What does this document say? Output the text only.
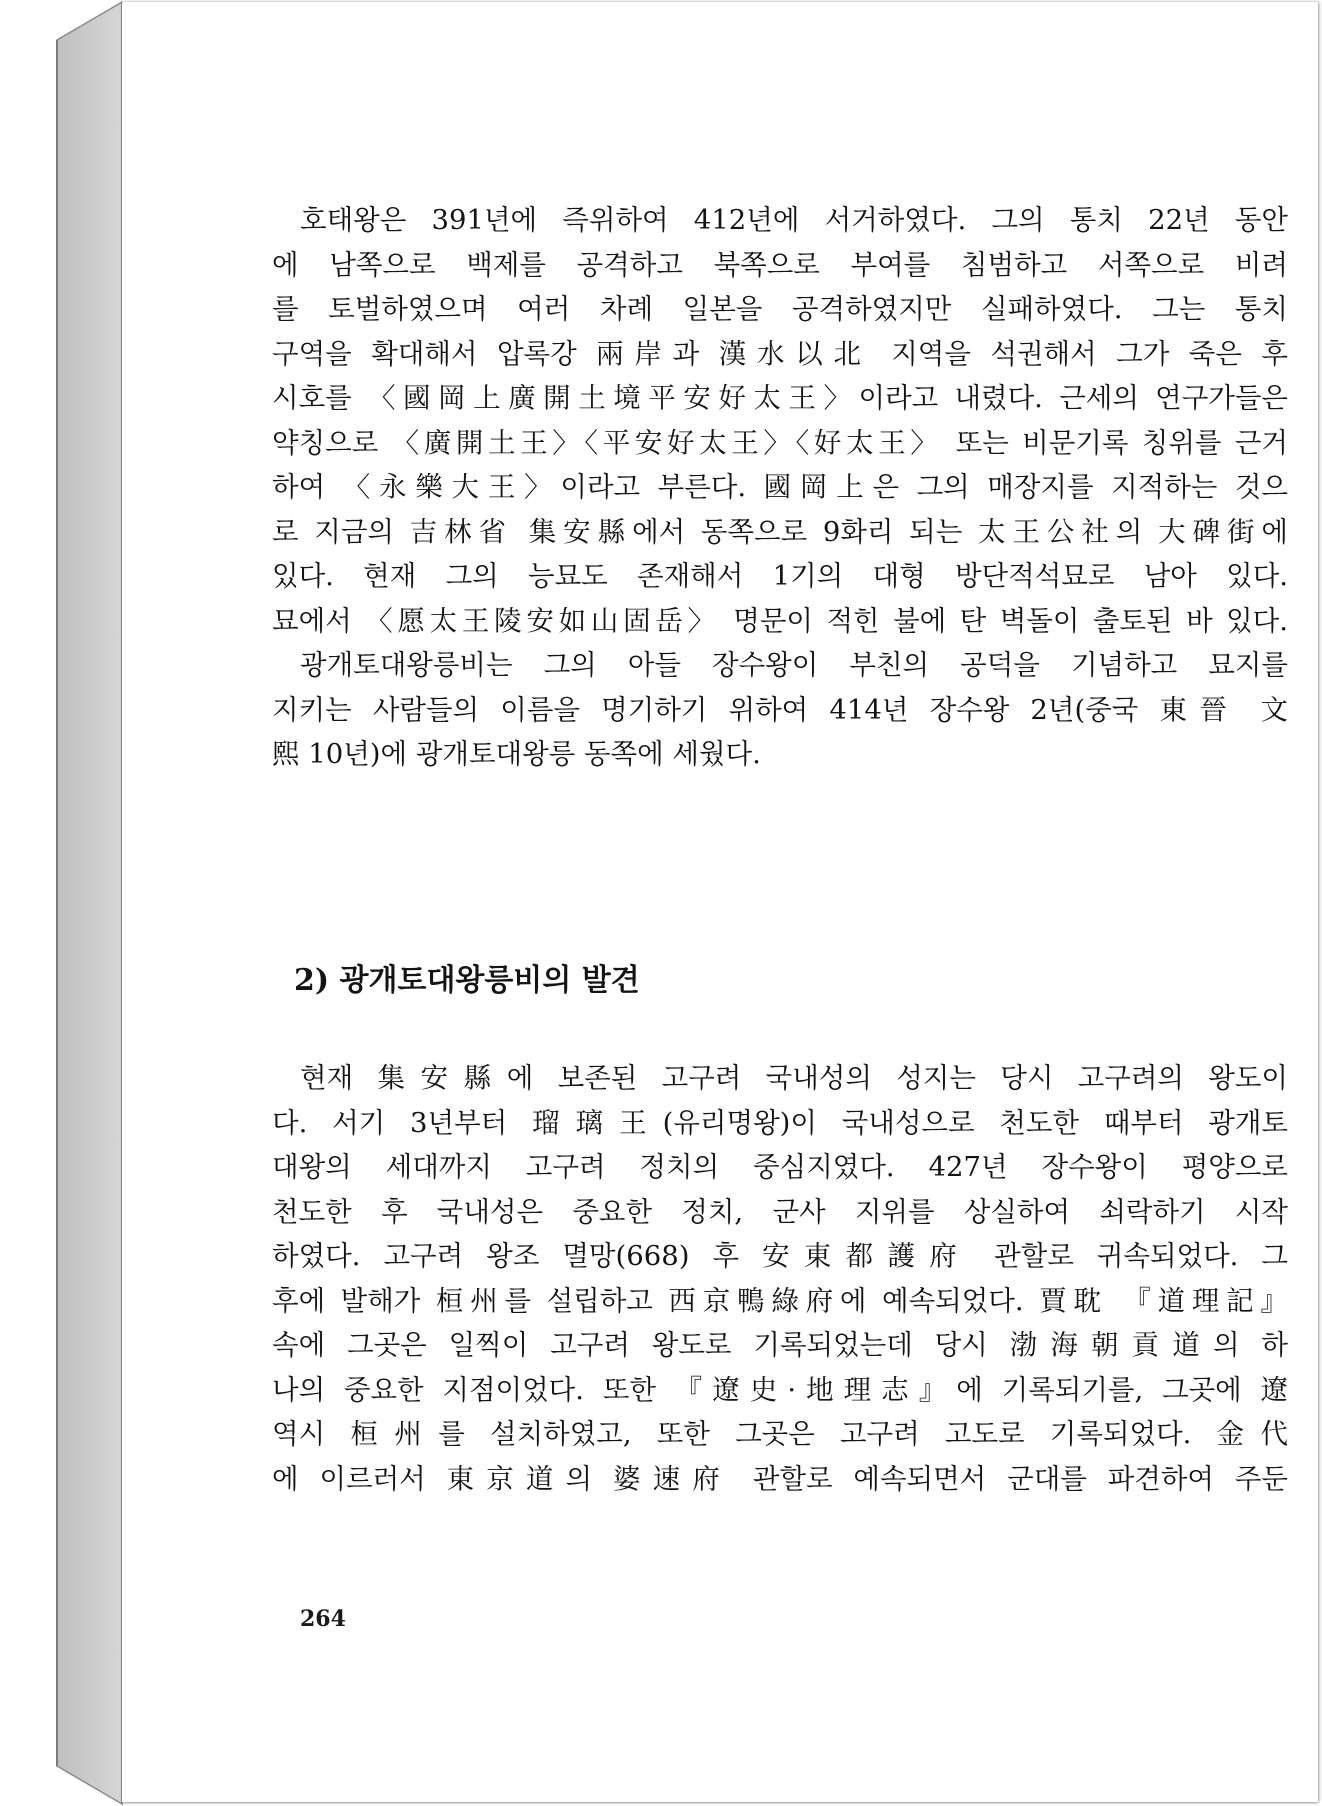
호태왕은 391년에 즉위하여 412년에 서거하였다. 그의 통치 22년 동안
에 남쪽으로 백제를 공격하고 북쪽으로 부여를 침범하고 서쪽으로 비려
를 토벌하였으며 여러 차례 일본을 공격하였지만 실패하였다. 그는 통치
구역을 확대해서 압록강 兩岸과 漢水以北 지역을 석권해서 그가 죽은 후
시호를 〈國岡上廣開土境平安好太王〉이라고 내렸다. 근세의 연구가들은
약칭으로 〈廣開土王〉〈平安好太王〉〈好太王〉 또는 비문기록 칭위를 근거
하여 〈永樂大王〉이라고 부른다. 國岡上은 그의 매장지를 지적하는 것으
로 지금의 吉林省 集安縣에서 동쪽으로 9화리 되는 太王公社의 大碑街에
있다. 현재 그의 능묘도 존재해서 1기의 대형 방단적석묘로 남아 있다.
묘에서 〈愿太王陵安如山固岳〉 명문이 적힌 불에 탄 벽돌이 출토된 바 있다.

광개토대왕릉비는 그의 아들 장수왕이 부친의 공덕을 기념하고 묘지를
지키는 사람들의 이름을 명기하기 위하여 414년 장수왕 2년(중국 東晉 文
熙 10년)에 광개토대왕릉 동쪽에 세웠다.

2) 광개토대왕릉비의 발견

현재 集安縣에 보존된 고구려 국내성의 성지는 당시 고구려의 왕도이
다. 서기 3년부터 瑠璃王(유리명왕)이 국내성으로 천도한 때부터 광개토
대왕의 세대까지 고구려 정치의 중심지였다. 427년 장수왕이 평양으로
천도한 후 국내성은 중요한 정치, 군사 지위를 상실하여 쇠락하기 시작
하였다. 고구려 왕조 멸망(668) 후 安東都護府 관할로 귀속되었다. 그
후에 발해가 桓州를 설립하고 西京鴨綠府에 예속되었다. 賈耽 『道理記』
속에 그곳은 일찍이 고구려 왕도로 기록되었는데 당시 渤海朝貢道의 하
나의 중요한 지점이었다. 또한 『遼史·地理志』에 기록되기를, 그곳에 遼
역시 桓州를 설치하였고, 또한 그곳은 고구려 고도로 기록되었다. 金代
에 이르러서 東京道의 婆速府 관할로 예속되면서 군대를 파견하여 주둔

264
